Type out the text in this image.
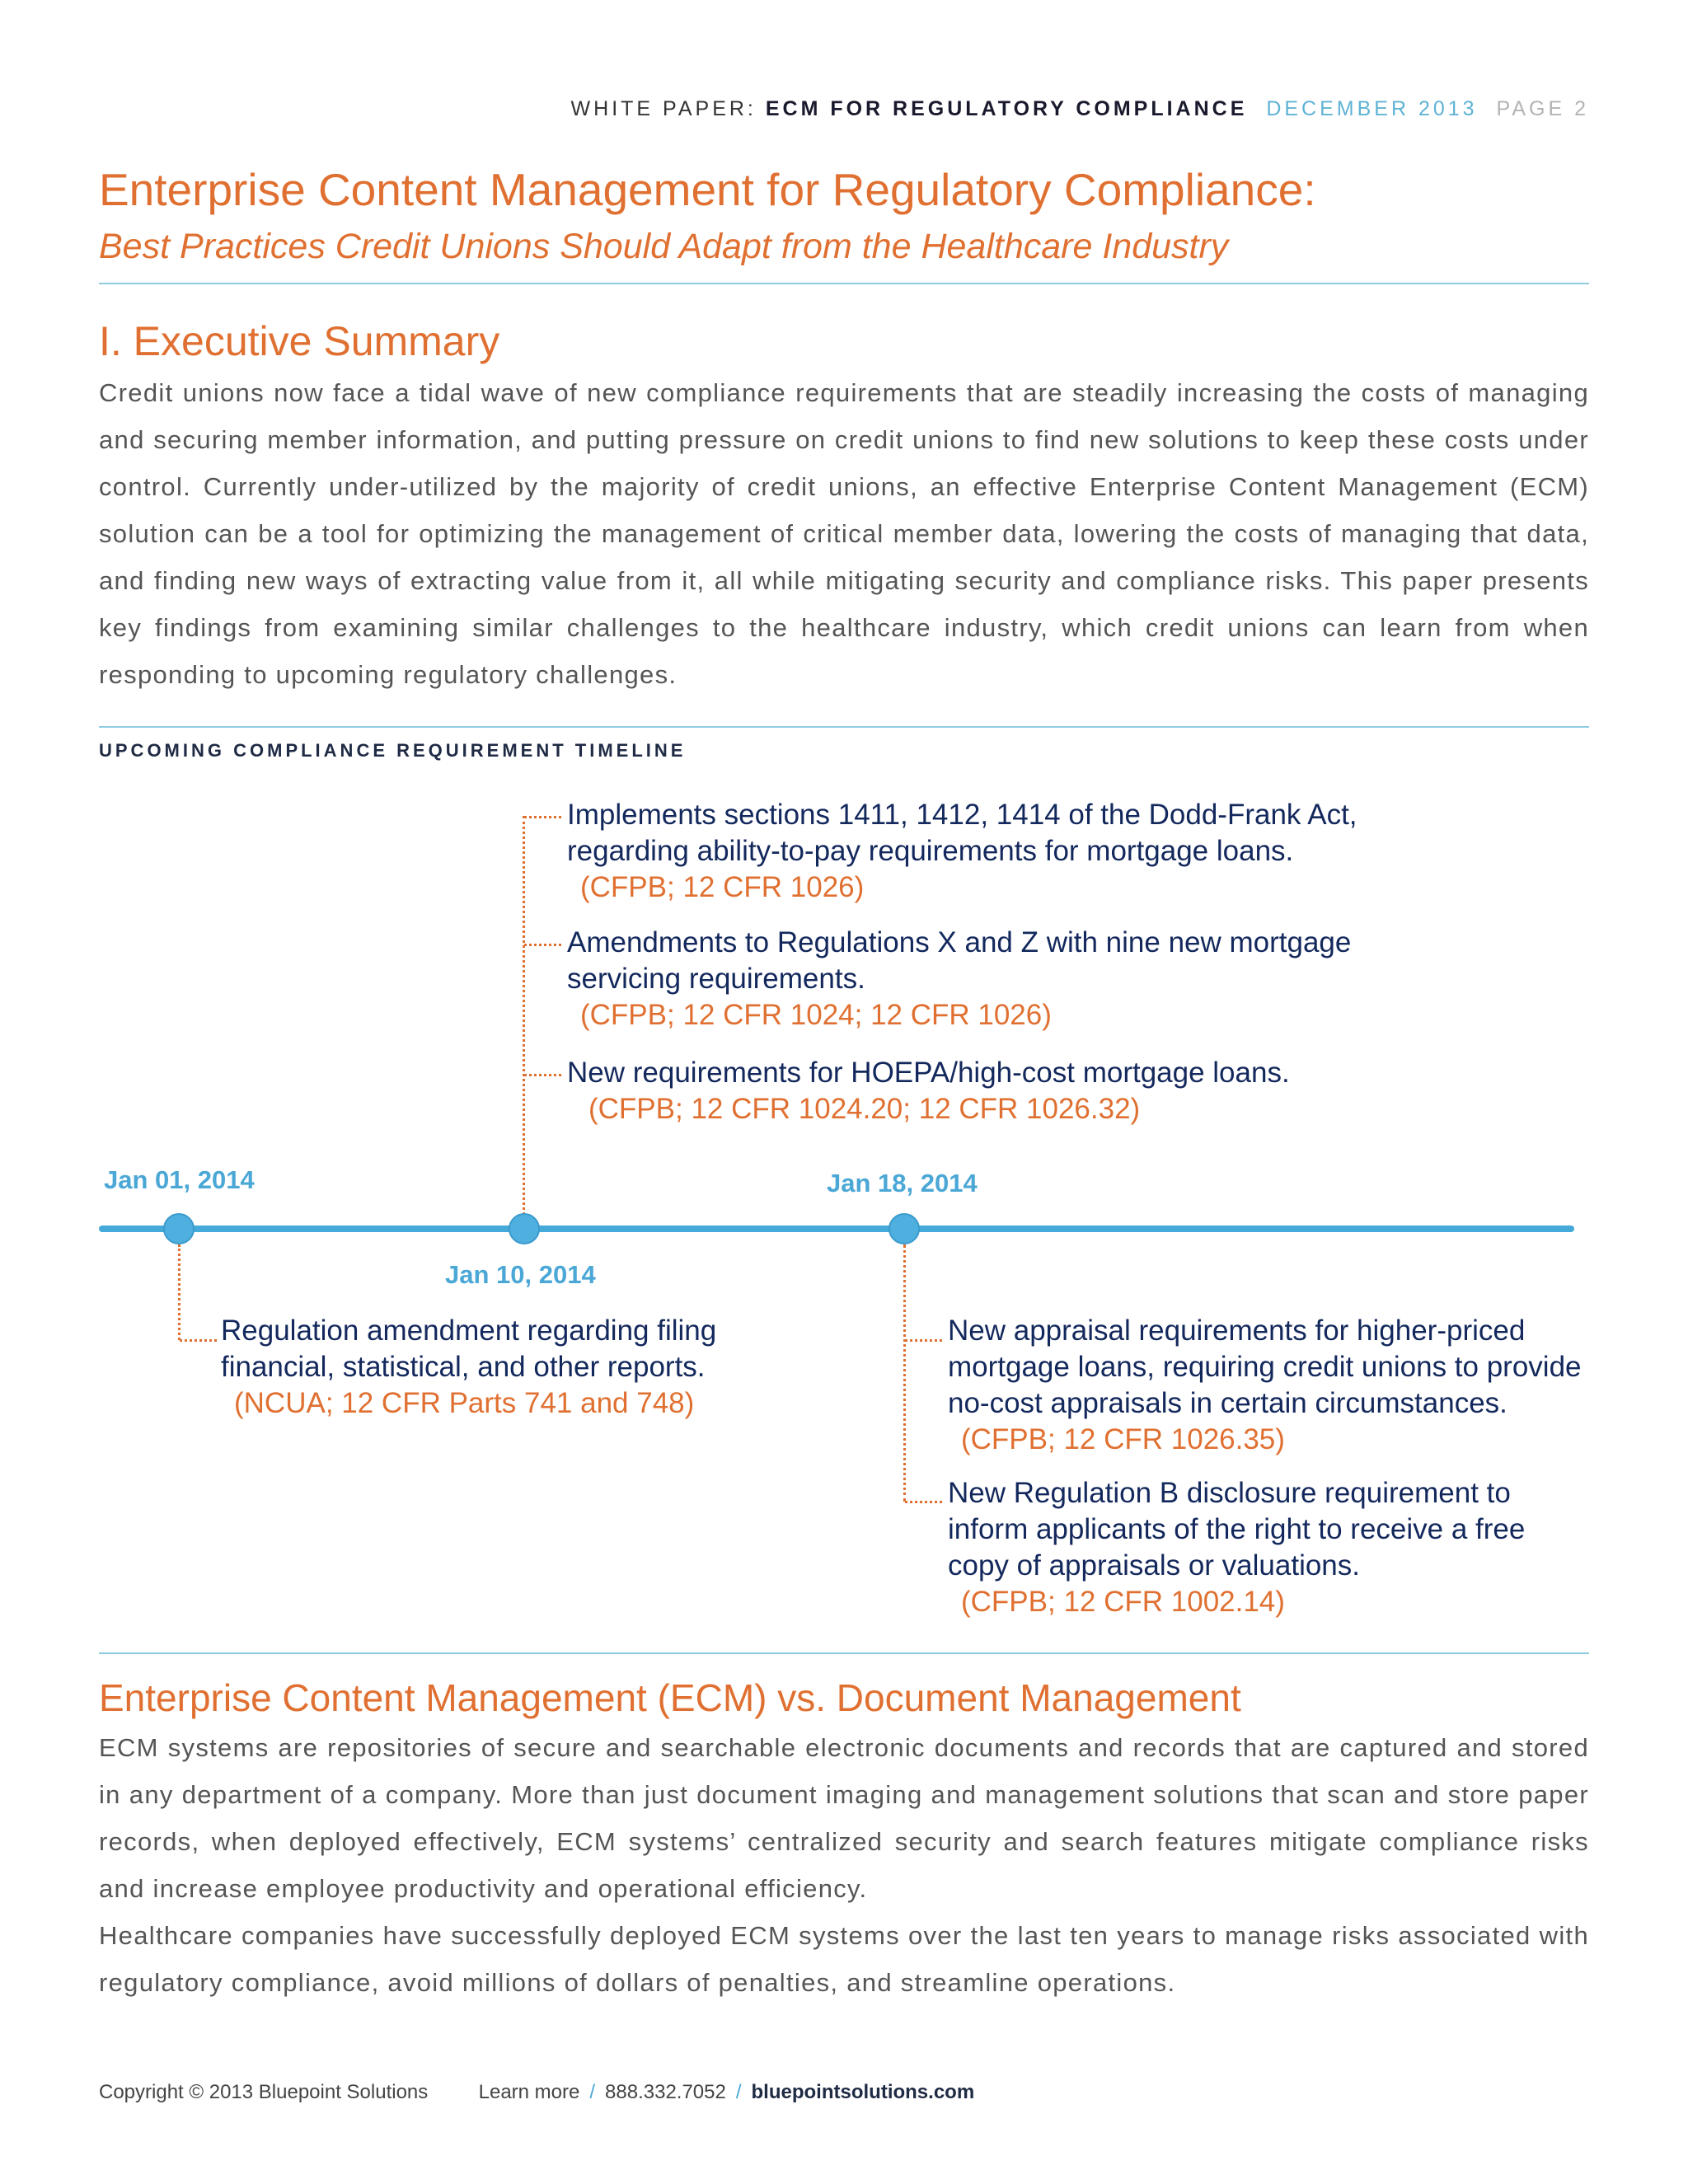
WHITE PAPER: ECM FOR REGULATORY COMPLIANCE DECEMBER 2013 PAGE 2
Enterprise Content Management for Regulatory Compliance:
Best Practices Credit Unions Should Adapt from the Healthcare Industry
I. Executive Summary

Credit unions now face a tidal wave of new compliance requirements that are steadily increasing the costs of managing and securing member information, and putting pressure on credit unions to find new solutions to keep these costs under control. Currently under-utilized by the majority of credit unions, an effective Enterprise Content Management (ECM) solution can be a tool for optimizing the management of critical member data, lowering the costs of managing that data, and finding new ways of extracting value from it, all while mitigating security and compliance risks. This paper presents key findings from examining similar challenges to the healthcare industry, which credit unions can learn from when responding to upcoming regulatory challenges.

UPCOMING COMPLIANCE REQUIREMENT TIMELINE
Implements sections 1411, 1412, 1414 of the Dodd-Frank Act, regarding ability-to-pay requirements for mortgage loans.
(CFPB; 12 CFR 1026)
Amendments to Regulations X and Z with nine new mortgage servicing requirements.
(CFPB; 12 CFR 1024; 12 CFR 1026)
New requirements for HOEPA/high-cost mortgage loans.
(CFPB; 12 CFR 1024.20; 12 CFR 1026.32)
Jan 01, 2014	Jan 18, 2014
Jan 10, 2014
Regulation amendment regarding filing financial, statistical, and other reports.
(NCUA; 12 CFR Parts 741 and 748)
New appraisal requirements for higher-priced mortgage loans, requiring credit unions to provide no-cost appraisals in certain circumstances.
(CFPB; 12 CFR 1026.35)
New Regulation B disclosure requirement to inform applicants of the right to receive a free copy of appraisals or valuations.
(CFPB; 12 CFR 1002.14)
Enterprise Content Management (ECM) vs. Document Management

ECM systems are repositories of secure and searchable electronic documents and records that are captured and stored in any department of a company. More than just document imaging and management solutions that scan and store paper records, when deployed effectively, ECM systems’ centralized security and search features mitigate compliance risks and increase employee productivity and operational efficiency.

Healthcare companies have successfully deployed ECM systems over the last ten years to manage risks associated with regulatory compliance, avoid millions of dollars of penalties, and streamline operations.

Copyright © 2013 Bluepoint Solutions	Learn more / 888.332.7052 / bluepointsolutions.com
